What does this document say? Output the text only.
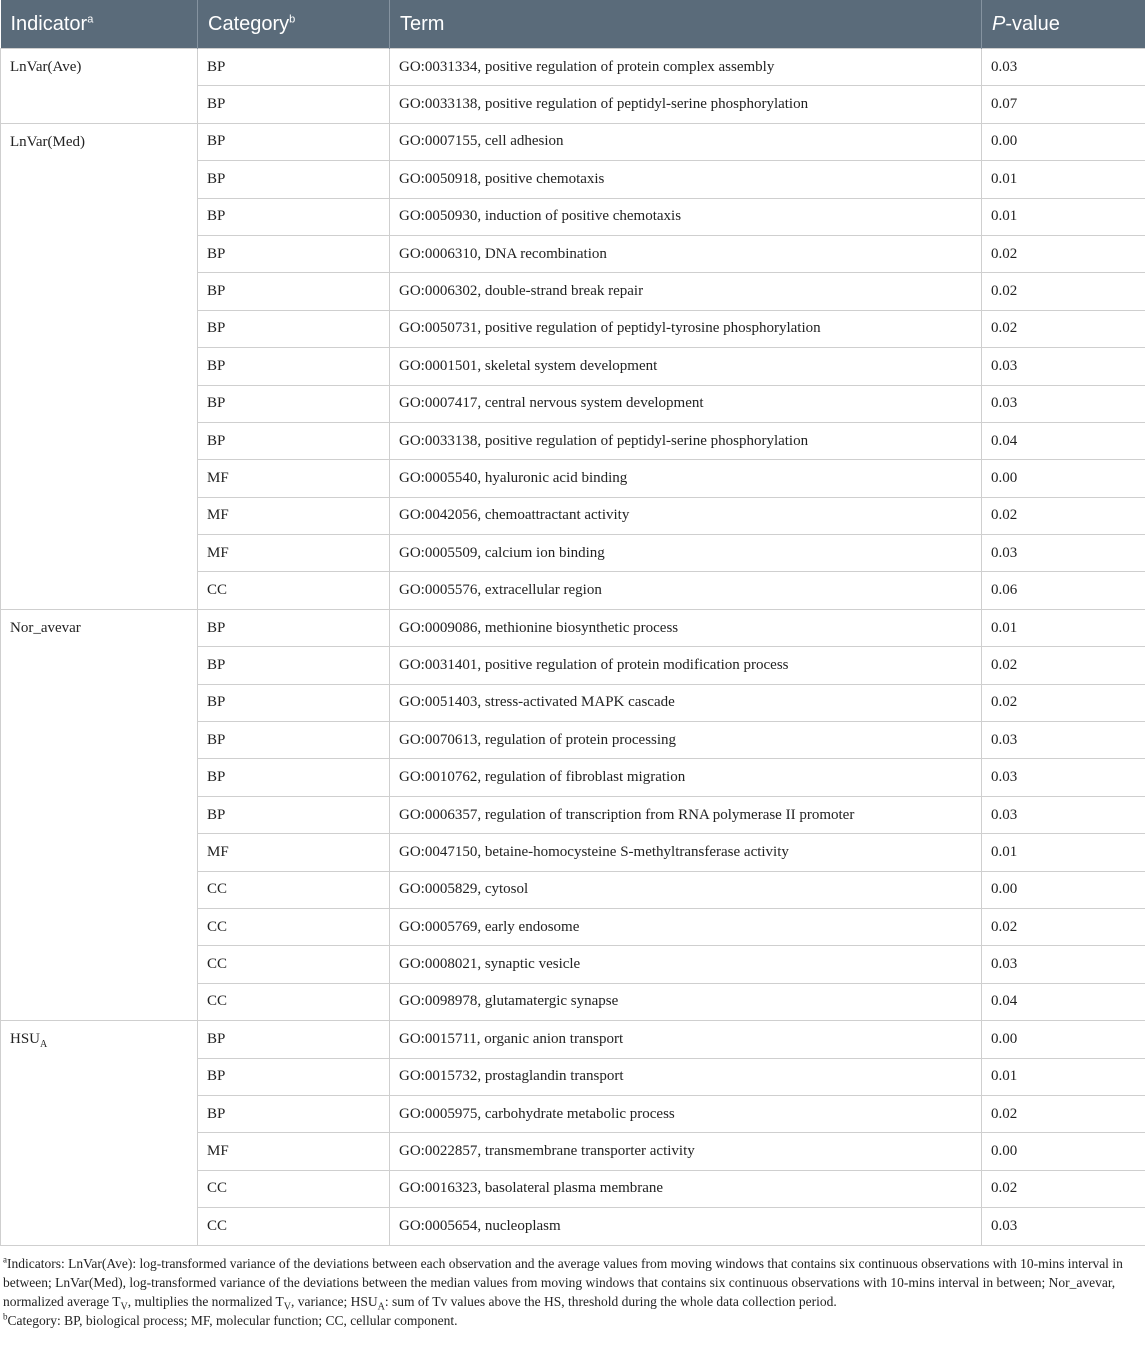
Indicator$^a$	Category$^b$	Term	P-value
LnVar(Ave)	BP	GO:0031334, positive regulation of protein complex assembly	0.03
	BP	GO:0033138, positive regulation of peptidyl-serine phosphorylation	0.07
LnVar(Med)	BP	GO:0007155, cell adhesion	0.00
	BP	GO:0050918, positive chemotaxis	0.01
	BP	GO:0050930, induction of positive chemotaxis	0.01
	BP	GO:0006310, DNA recombination	0.02
	BP	GO:0006302, double-strand break repair	0.02
	BP	GO:0050731, positive regulation of peptidyl-tyrosine phosphorylation	0.02
	BP	GO:0001501, skeletal system development	0.03
	BP	GO:0007417, central nervous system development	0.03
	BP	GO:0033138, positive regulation of peptidyl-serine phosphorylation	0.04
	MF	GO:0005540, hyaluronic acid binding	0.00
	MF	GO:0042056, chemoattractant activity	0.02
	MF	GO:0005509, calcium ion binding	0.03
	CC	GO:0005576, extracellular region	0.06
Nor_avevar	BP	GO:0009086, methionine biosynthetic process	0.01
	BP	GO:0031401, positive regulation of protein modification process	0.02
	BP	GO:0051403, stress-activated MAPK cascade	0.02
	BP	GO:0070613, regulation of protein processing	0.03
	BP	GO:0010762, regulation of fibroblast migration	0.03
	BP	GO:0006357, regulation of transcription from RNA polymerase II promoter	0.03
	MF	GO:0047150, betaine-homocysteine S-methyltransferase activity	0.01
	CC	GO:0005829, cytosol	0.00
	CC	GO:0005769, early endosome	0.02
	CC	GO:0008021, synaptic vesicle	0.03
	CC	GO:0098978, glutamatergic synapse	0.04
$HSU_A$	BP	GO:0015711, organic anion transport	0.00
	BP	GO:0015732, prostaglandin transport	0.01
	BP	GO:0005975, carbohydrate metabolic process	0.02
	MF	GO:0022857, transmembrane transporter activity	0.00
	CC	GO:0016323, basolateral plasma membrane	0.02
	CC	GO:0005654, nucleoplasm	0.03

$^a$Indicators: LnVar(Ave): log-transformed variance of the deviations between each observation and the average values from moving windows that contains six continuous observations with 10-mins interval in between; LnVar(Med), log-transformed variance of the deviations between the median values from moving windows that contains six continuous observations with 10-mins interval in between; Nor_avevar, normalized average $T_V$, multiplies the normalized $T_V$, variance; $HSU_A$: sum of Tv values above the HS, threshold during the whole data collection period.

$^b$Category: BP, biological process; MF, molecular function; CC, cellular component.
